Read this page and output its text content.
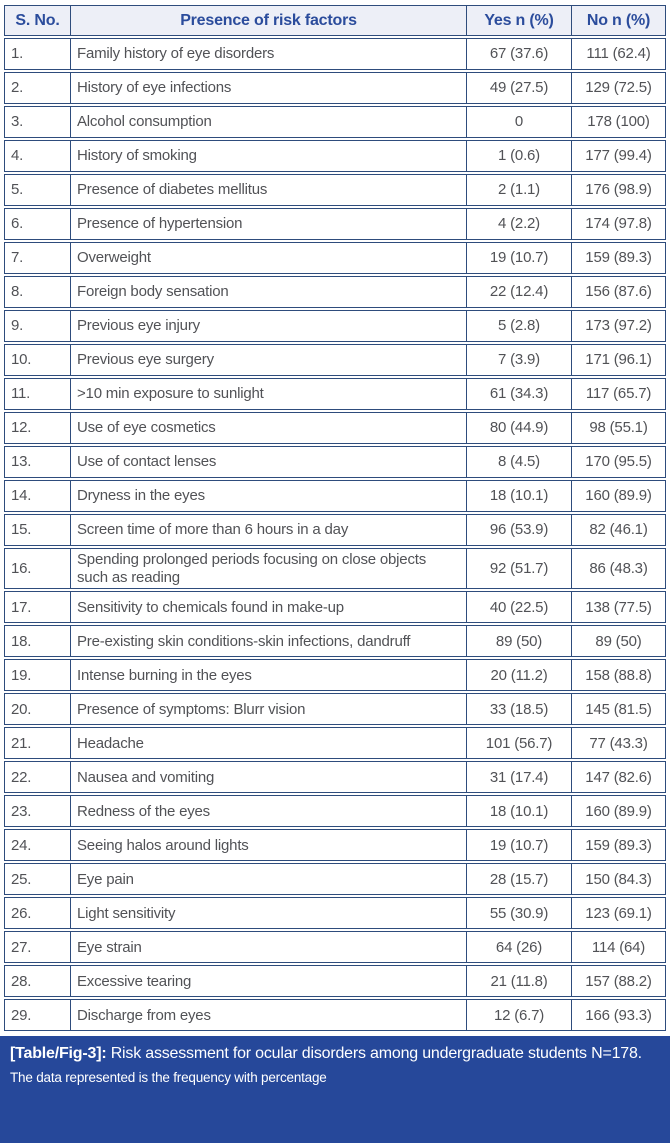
S. No.	Presence of risk factors	Yes n (%)	No n (%)
1.	Family history of eye disorders	67 (37.6)	111 (62.4)
2.	History of eye infections	49 (27.5)	129 (72.5)
3.	Alcohol consumption	0	178 (100)
4.	History of smoking	1 (0.6)	177 (99.4)
5.	Presence of diabetes mellitus	2 (1.1)	176 (98.9)
6.	Presence of hypertension	4 (2.2)	174 (97.8)
7.	Overweight	19 (10.7)	159 (89.3)
8.	Foreign body sensation	22 (12.4)	156 (87.6)
9.	Previous eye injury	5 (2.8)	173 (97.2)
10.	Previous eye surgery	7 (3.9)	171 (96.1)
11.	>10 min exposure to sunlight	61 (34.3)	117 (65.7)
12.	Use of eye cosmetics	80 (44.9)	98 (55.1)
13.	Use of contact lenses	8 (4.5)	170 (95.5)
14.	Dryness in the eyes	18 (10.1)	160 (89.9)
15.	Screen time of more than 6 hours in a day	96 (53.9)	82 (46.1)
16.	Spending prolonged periods focusing on close objects such as reading	92 (51.7)	86 (48.3)
17.	Sensitivity to chemicals found in make-up	40 (22.5)	138 (77.5)
18.	Pre-existing skin conditions-skin infections, dandruff	89 (50)	89 (50)
19.	Intense burning in the eyes	20 (11.2)	158 (88.8)
20.	Presence of symptoms: Blurr vision	33 (18.5)	145 (81.5)
21.	Headache	101 (56.7)	77 (43.3)
22.	Nausea and vomiting	31 (17.4)	147 (82.6)
23.	Redness of the eyes	18 (10.1)	160 (89.9)
24.	Seeing halos around lights	19 (10.7)	159 (89.3)
25.	Eye pain	28 (15.7)	150 (84.3)
26.	Light sensitivity	55 (30.9)	123 (69.1)
27.	Eye strain	64 (26)	114 (64)
28.	Excessive tearing	21 (11.8)	157 (88.2)
29.	Discharge from eyes	12 (6.7)	166 (93.3)
[Table/Fig-3]: Risk assessment for ocular disorders among undergraduate students N=178.
The data represented is the frequency with percentage
